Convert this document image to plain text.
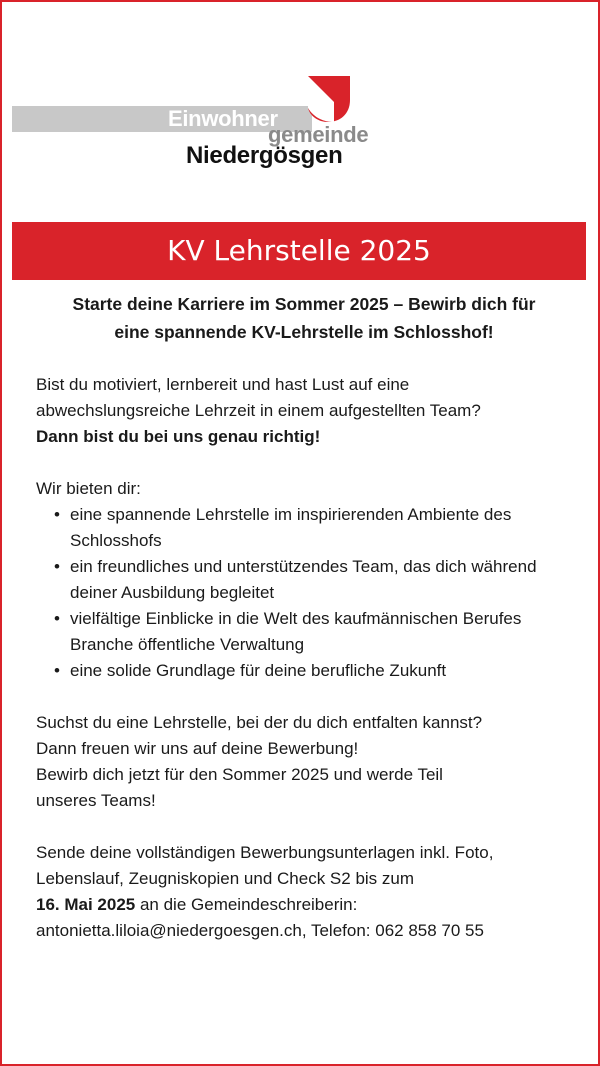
Einwohner
gemeinde
Niedergösgen
KV Lehrstelle 2025
Starte deine Karriere im Sommer 2025 – Bewirb dich für
eine spannende KV-Lehrstelle im Schlosshof!

Bist du motiviert, lernbereit und hast Lust auf eine

abwechslungsreiche Lehrzeit in einem aufgestellten Team?

Dann bist du bei uns genau richtig!

Wir bieten dir:

• eine spannende Lehrstelle im inspirierenden Ambiente des Schlosshofs
• ein freundliches und unterstützendes Team, das dich während deiner Ausbildung begleitet
• vielfältige Einblicke in die Welt des kaufmännischen Berufes Branche öffentliche Verwaltung
• eine solide Grundlage für deine berufliche Zukunft

Suchst du eine Lehrstelle, bei der du dich entfalten kannst?

Dann freuen wir uns auf deine Bewerbung!

Bewirb dich jetzt für den Sommer 2025 und werde Teil

unseres Teams!

Sende deine vollständigen Bewerbungsunterlagen inkl. Foto,

Lebenslauf, Zeugniskopien und Check S2 bis zum

16. Mai 2025 an die Gemeindeschreiberin:

antonietta.liloia@niedergoesgen.ch, Telefon: 062 858 70 55
